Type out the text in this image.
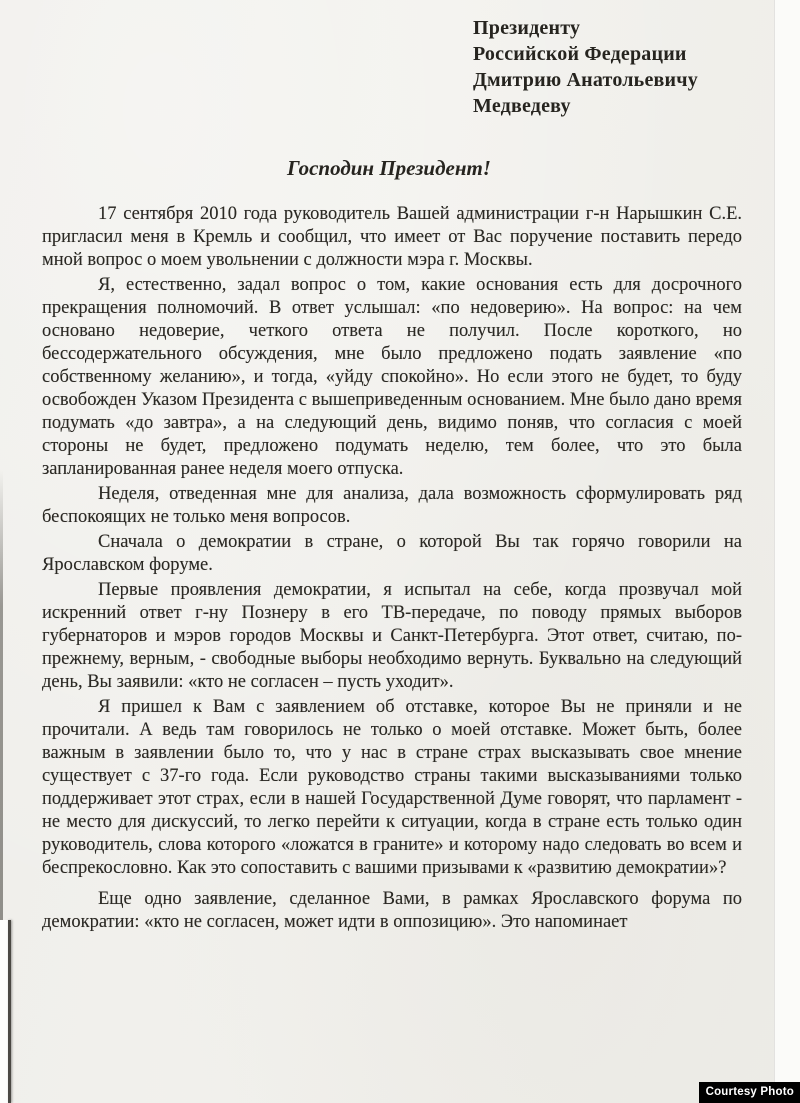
Президенту
Российской Федерации
Дмитрию Анатольевичу
Медведеву
Господин Президент!

17 сентября 2010 года руководитель Вашей администрации г-н Нарышкин С.Е. пригласил меня в Кремль и сообщил, что имеет от Вас поручение поставить передо мной вопрос о моем увольнении с должности мэра г. Москвы.

Я, естественно, задал вопрос о том, какие основания есть для досрочного прекращения полномочий. В ответ услышал: «по недоверию». На вопрос: на чем основано недоверие, четкого ответа не получил. После короткого, но бессодержательного обсуждения, мне было предложено подать заявление «по собственному желанию», и тогда, «уйду спокойно». Но если этого не будет, то буду освобожден Указом Президента с вышеприведенным основанием. Мне было дано время подумать «до завтра», а на следующий день, видимо поняв, что согласия с моей стороны не будет, предложено подумать неделю, тем более, что это была запланированная ранее неделя моего отпуска.

Неделя, отведенная мне для анализа, дала возможность сформулировать ряд беспокоящих не только меня вопросов.

Сначала о демократии в стране, о которой Вы так горячо говорили на Ярославском форуме.

Первые проявления демократии, я испытал на себе, когда прозвучал мой искренний ответ г-ну Познеру в его ТВ-передаче, по поводу прямых выборов губернаторов и мэров городов Москвы и Санкт-Петербурга. Этот ответ, считаю, по-прежнему, верным, - свободные выборы необходимо вернуть. Буквально на следующий день, Вы заявили: «кто не согласен – пусть уходит».

Я пришел к Вам с заявлением об отставке, которое Вы не приняли и не прочитали. А ведь там говорилось не только о моей отставке. Может быть, более важным в заявлении было то, что у нас в стране страх высказывать свое мнение существует с 37-го года. Если руководство страны такими высказываниями только поддерживает этот страх, если в нашей Государственной Думе говорят, что парламент - не место для дискуссий, то легко перейти к ситуации, когда в стране есть только один руководитель, слова которого «ложатся в граните» и которому надо следовать во всем и беспрекословно. Как это сопоставить с вашими призывами к «развитию демократии»?

Еще одно заявление, сделанное Вами, в рамках Ярославского форума по демократии: «кто не согласен, может идти в оппозицию». Это напоминает

Courtesy Photo
